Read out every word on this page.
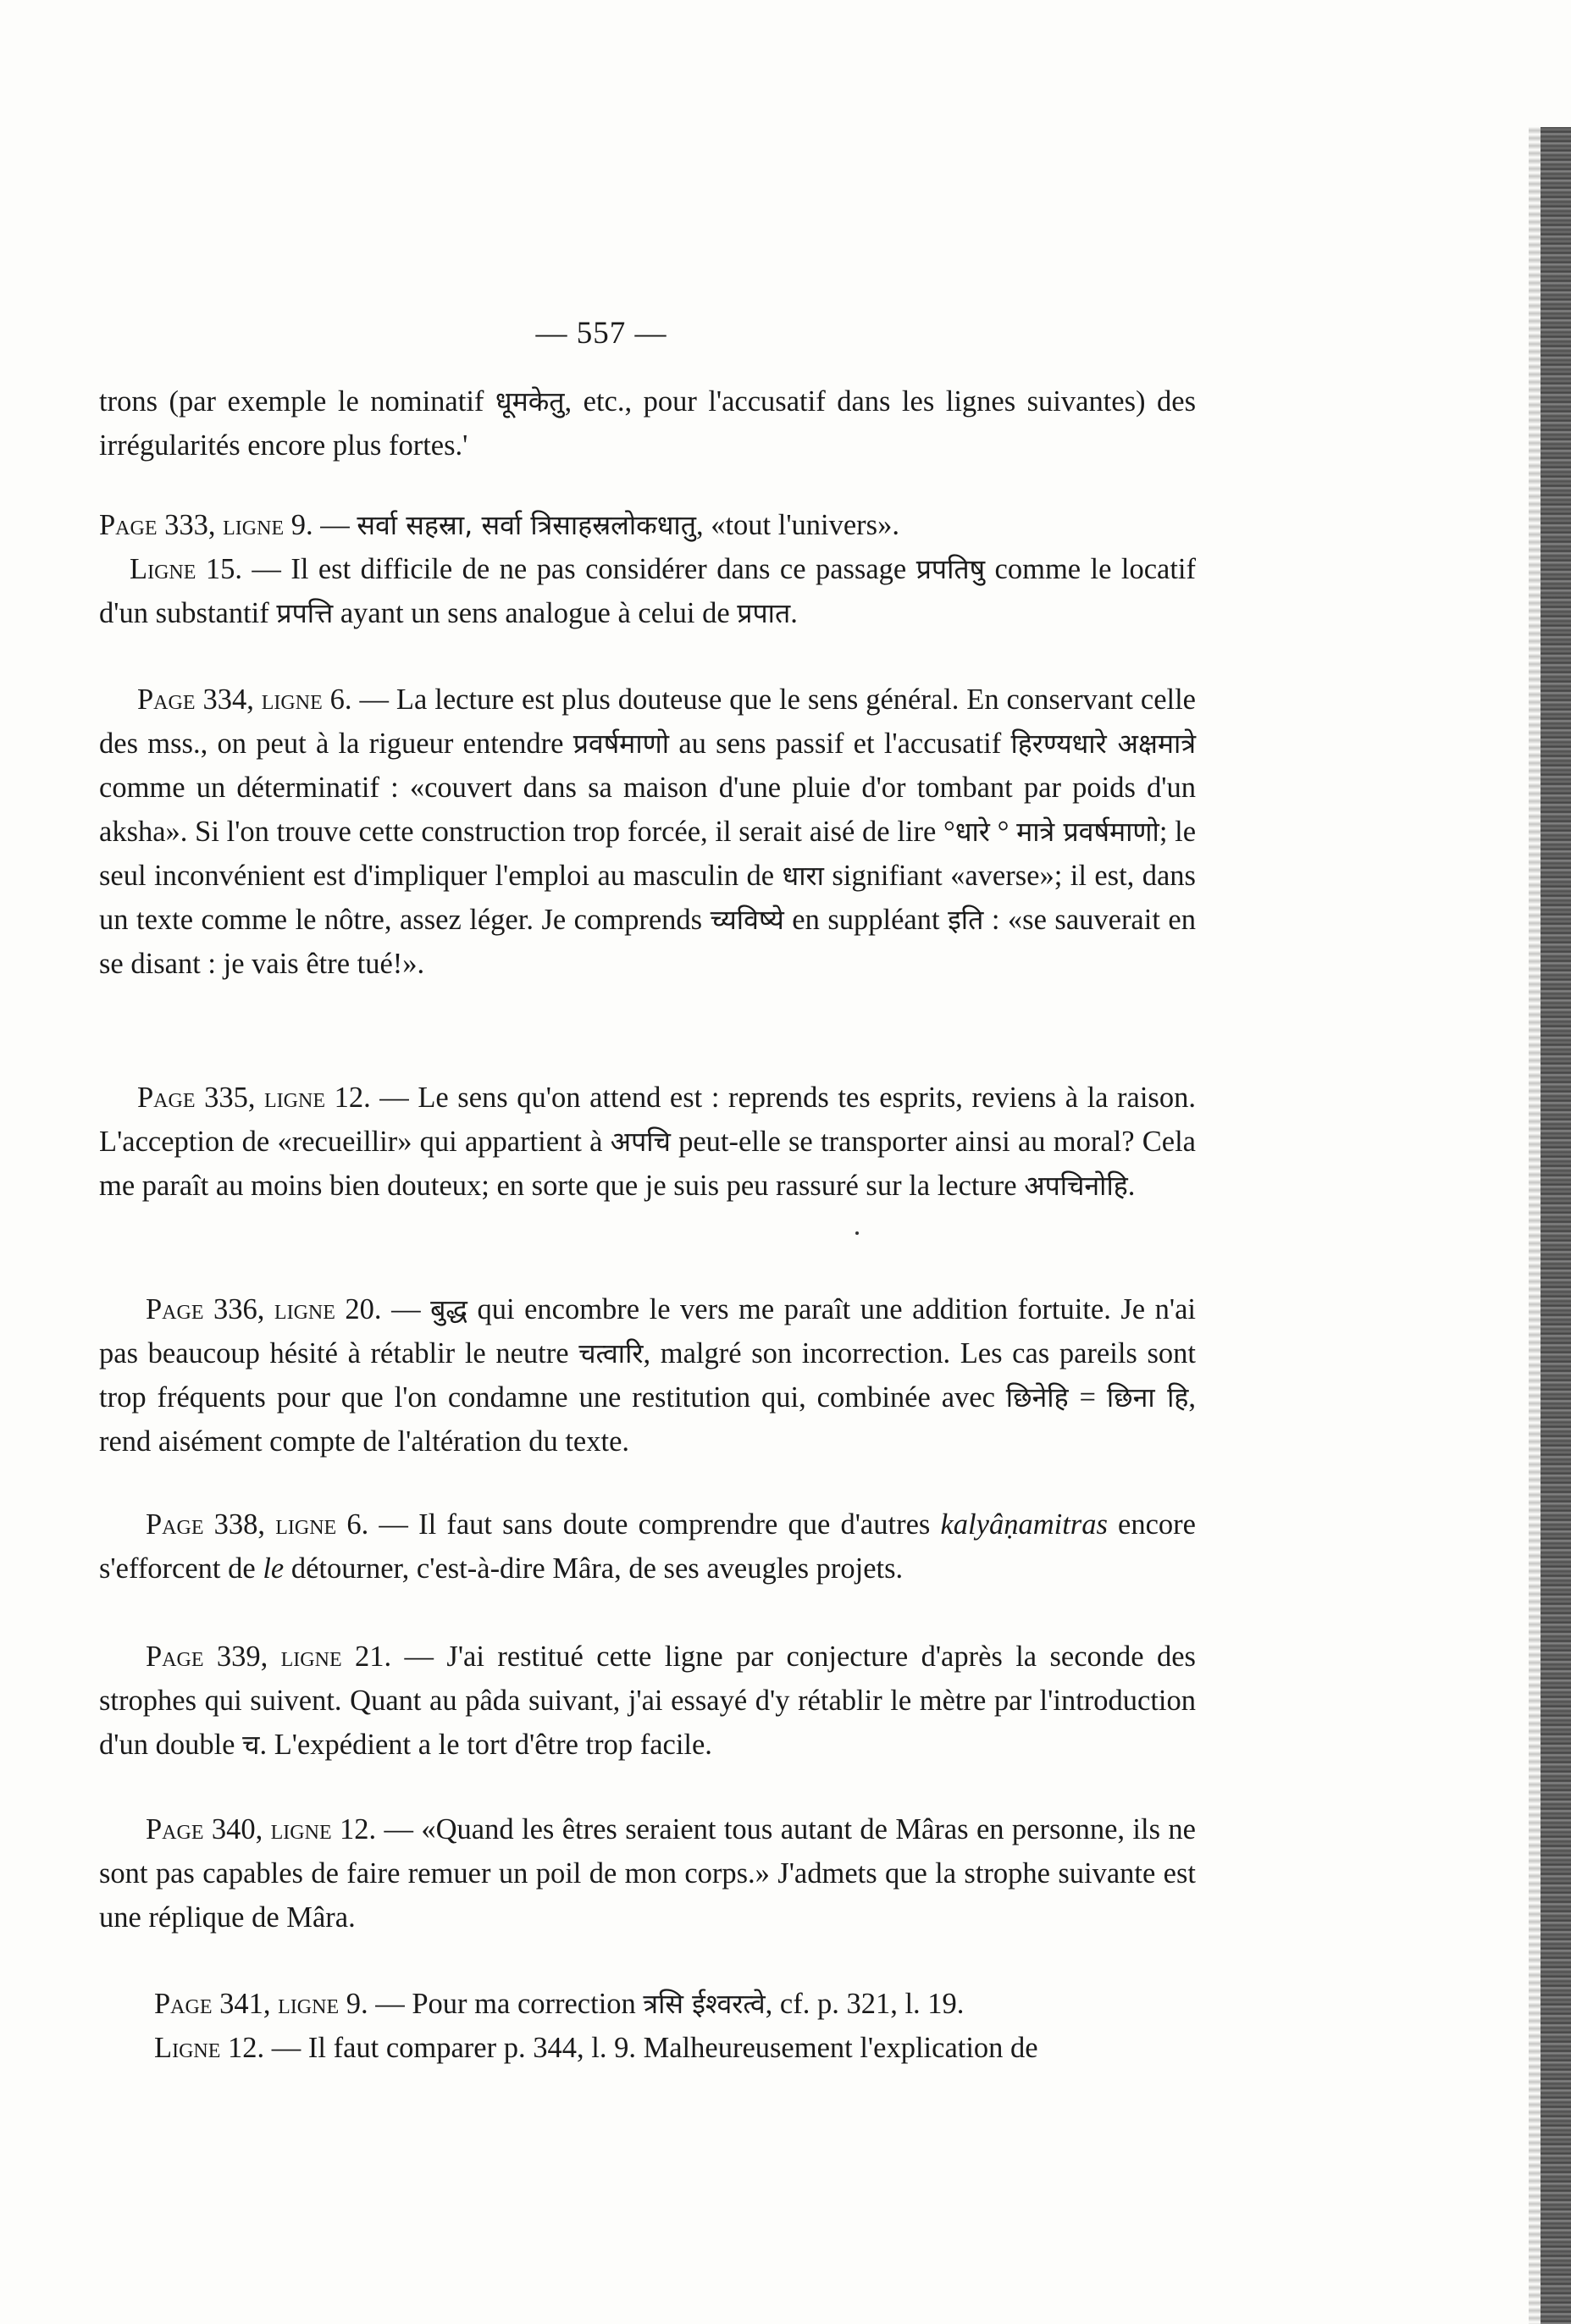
— 557 —

trons (par exemple le nominatif धूमकेतु, etc., pour l'accusatif dans les lignes suivantes) des irrégularités encore plus fortes.'

Page 333, ligne 9. — सर्वा सहस्रा, सर्वा त्रिसाहस्रलोकधातु, «tout l'univers».

Ligne 15. — Il est difficile de ne pas considérer dans ce passage प्रपतिषु comme le locatif d'un substantif प्रपत्ति ayant un sens analogue à celui de प्रपात.

Page 334, ligne 6. — La lecture est plus douteuse que le sens général. En conservant celle des mss., on peut à la rigueur entendre प्रवर्षमाणो au sens passif et l'accusatif हिरण्यधारे अक्षमात्रे comme un déterminatif : «couvert dans sa maison d'une pluie d'or tombant par poids d'un aksha». Si l'on trouve cette construction trop forcée, il serait aisé de lire °धारे ° मात्रे प्रवर्षमाणो; le seul inconvénient est d'impliquer l'emploi au masculin de धारा signifiant «averse»; il est, dans un texte comme le nôtre, assez léger. Je comprends च्यविष्ये en suppléant इति : «se sauverait en se disant : je vais être tué!».

Page 335, ligne 12. — Le sens qu'on attend est : reprends tes esprits, reviens à la raison. L'acception de «recueillir» qui appartient à अपचि peut-elle se transporter ainsi au moral? Cela me paraît au moins bien douteux; en sorte que je suis peu rassuré sur la lecture अपचिनोहि.

Page 336, ligne 20. — बुद्ध qui encombre le vers me paraît une addition fortuite. Je n'ai pas beaucoup hésité à rétablir le neutre चत्वारि, malgré son incorrection. Les cas pareils sont trop fréquents pour que l'on condamne une restitution qui, combinée avec छिनेहि = छिना हि, rend aisément compte de l'altération du texte.

Page 338, ligne 6. — Il faut sans doute comprendre que d'autres kalyâṇamitras encore s'efforcent de le détourner, c'est-à-dire Mâra, de ses aveugles projets.

Page 339, ligne 21. — J'ai restitué cette ligne par conjecture d'après la seconde des strophes qui suivent. Quant au pâda suivant, j'ai essayé d'y rétablir le mètre par l'introduction d'un double च. L'expédient a le tort d'être trop facile.

Page 340, ligne 12. — «Quand les êtres seraient tous autant de Mâras en personne, ils ne sont pas capables de faire remuer un poil de mon corps.» J'admets que la strophe suivante est une réplique de Mâra.

Page 341, ligne 9. — Pour ma correction त्रसि ईश्वरत्वे, cf. p. 321, l. 19.

Ligne 12. — Il faut comparer p. 344, l. 9. Malheureusement l'explication de
